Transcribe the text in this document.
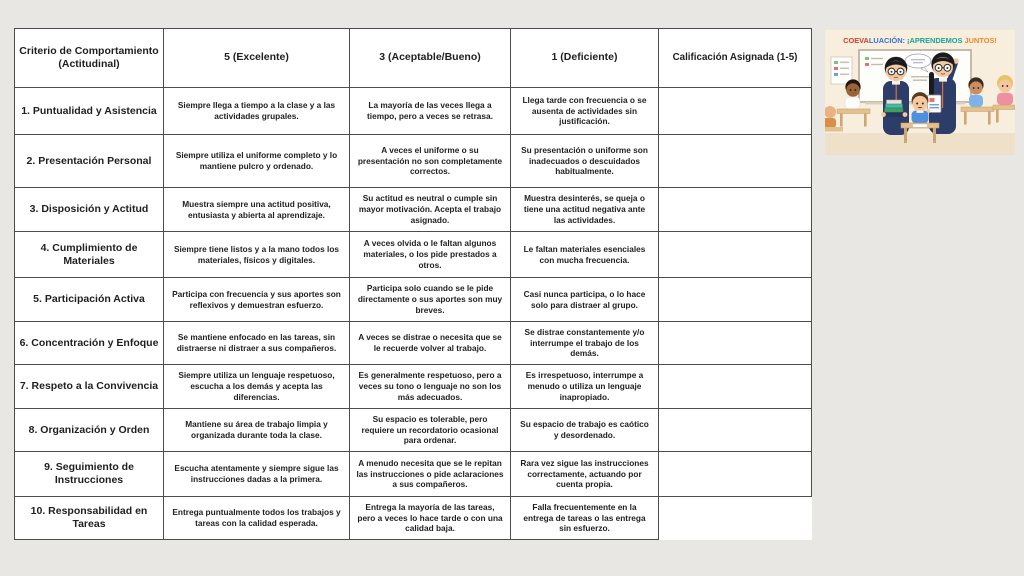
Criterio de Comportamiento (Actitudinal)	5 (Excelente)	3 (Aceptable/Bueno)	1 (Deficiente)	Calificación Asignada (1-5)
1. Puntualidad y Asistencia	Siempre llega a tiempo a la clase y a las actividades grupales.	La mayoría de las veces llega a tiempo, pero a veces se retrasa.	Llega tarde con frecuencia o se ausenta de actividades sin justificación.	
2. Presentación Personal	Siempre utiliza el uniforme completo y lo mantiene pulcro y ordenado.	A veces el uniforme o su presentación no son completamente correctos.	Su presentación o uniforme son inadecuados o descuidados habitualmente.	
3. Disposición y Actitud	Muestra siempre una actitud positiva, entusiasta y abierta al aprendizaje.	Su actitud es neutral o cumple sin mayor motivación. Acepta el trabajo asignado.	Muestra desinterés, se queja o tiene una actitud negativa ante las actividades.	
4. Cumplimiento de Materiales	Siempre tiene listos y a la mano todos los materiales, físicos y digitales.	A veces olvida o le faltan algunos materiales, o los pide prestados a otros.	Le faltan materiales esenciales con mucha frecuencia.	
5. Participación Activa	Participa con frecuencia y sus aportes son reflexivos y demuestran esfuerzo.	Participa solo cuando se le pide directamente o sus aportes son muy breves.	Casi nunca participa, o lo hace solo para distraer al grupo.	
6. Concentración y Enfoque	Se mantiene enfocado en las tareas, sin distraerse ni distraer a sus compañeros.	A veces se distrae o necesita que se le recuerde volver al trabajo.	Se distrae constantemente y/o interrumpe el trabajo de los demás.	
7. Respeto a la Convivencia	Siempre utiliza un lenguaje respetuoso, escucha a los demás y acepta las diferencias.	Es generalmente respetuoso, pero a veces su tono o lenguaje no son los más adecuados.	Es irrespetuoso, interrumpe a menudo o utiliza un lenguaje inapropiado.	
8. Organización y Orden	Mantiene su área de trabajo limpia y organizada durante toda la clase.	Su espacio es tolerable, pero requiere un recordatorio ocasional para ordenar.	Su espacio de trabajo es caótico y desordenado.	
9. Seguimiento de Instrucciones	Escucha atentamente y siempre sigue las instrucciones dadas a la primera.	A menudo necesita que se le repitan las instrucciones o pide aclaraciones a sus compañeros.	Rara vez sigue las instrucciones correctamente, actuando por cuenta propia.	
10. Responsabilidad en Tareas	Entrega puntualmente todos los trabajos y tareas con la calidad esperada.	Entrega la mayoría de las tareas, pero a veces lo hace tarde o con una calidad baja.	Falla frecuentemente en la entrega de tareas o las entrega sin esfuerzo.	
COEVALUACIÓN: ¡APRENDEMOS JUNTOS!
